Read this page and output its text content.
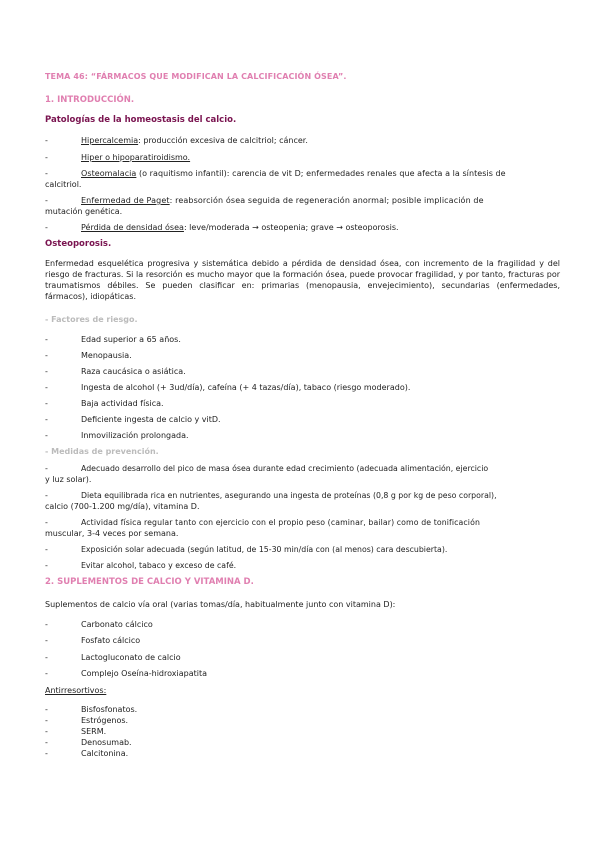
TEMA 46: “FÁRMACOS QUE MODIFICAN LA CALCIFICACIÓN ÓSEA”.
1. INTRODUCCIÓN.
Patologías de la homeostasis del calcio.
-	Hipercalcemia: producción excesiva de calcitriol; cáncer.
-	Hiper o hipoparatiroidismo.
-	Osteomalacia (o raquitismo infantil): carencia de vit D; enfermedades renales que afecta a la síntesis de
calcitriol.
-	Enfermedad de Paget: reabsorción ósea seguida de regeneración anormal; posible implicación de
mutación genética.
-	Pérdida de densidad ósea: leve/moderada → osteopenia; grave → osteoporosis.
Osteoporosis.
Enfermedad esquelética progresiva y sistemática debido a pérdida de densidad ósea, con incremento de la fragilidad y del riesgo de fracturas. Si la resorción es mucho mayor que la formación ósea, puede provocar fragilidad, y por tanto, fracturas por traumatismos débiles. Se pueden clasificar en: primarias (menopausia, envejecimiento), secundarias (enfermedades, fármacos), idiopáticas.
- Factores de riesgo.
-	Edad superior a 65 años.
-	Menopausia.
-	Raza caucásica o asiática.
-	Ingesta de alcohol (+ 3ud/día), cafeína (+ 4 tazas/día), tabaco (riesgo moderado).
-	Baja actividad física.
-	Deficiente ingesta de calcio y vitD.
-	Inmovilización prolongada.
- Medidas de prevención.
-	Adecuado desarrollo del pico de masa ósea durante edad crecimiento (adecuada alimentación, ejercicio
y luz solar).
-	Dieta equilibrada rica en nutrientes, asegurando una ingesta de proteínas (0,8 g por kg de peso corporal),
calcio (700-1.200 mg/día), vitamina D.
-	Actividad física regular tanto con ejercicio con el propio peso (caminar, bailar) como de tonificación
muscular, 3-4 veces por semana.
-	Exposición solar adecuada (según latitud, de 15-30 min/día con (al menos) cara descubierta).
-	Evitar alcohol, tabaco y exceso de café.
2. SUPLEMENTOS DE CALCIO Y VITAMINA D.
Suplementos de calcio vía oral (varias tomas/día, habitualmente junto con vitamina D):
-	Carbonato cálcico
-	Fosfato cálcico
-	Lactogluconato de calcio
-	Complejo Oseína-hidroxiapatita
Antirresortivos:
-	Bisfosfonatos.
-	Estrógenos.
-	SERM.
-	Denosumab.
-	Calcitonina.
